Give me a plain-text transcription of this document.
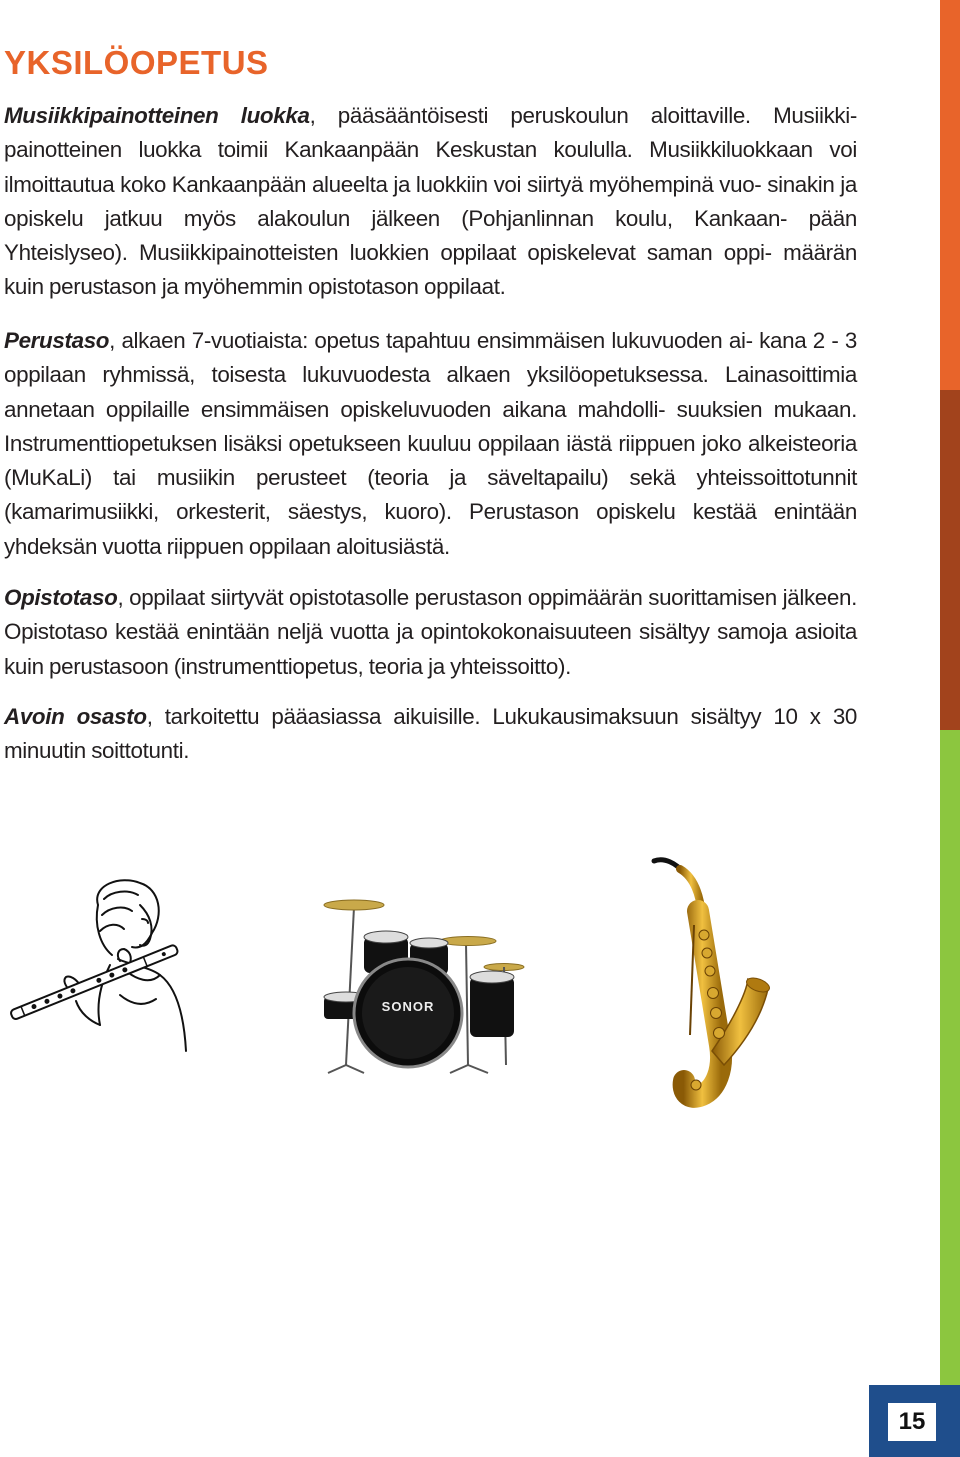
YKSILÖOPETUS
Musiikkipainotteinen luokka, pääsääntöisesti peruskoulun aloittaville. Musiikki- painotteinen luokka toimii Kankaanpään Keskustan koululla. Musiikkiluokkaan voi ilmoittautua koko Kankaanpään alueelta ja luokkiin voi siirtyä myöhempinä vuo- sinakin ja opiskelu jatkuu myös alakoulun jälkeen (Pohjanlinnan koulu, Kankaan- pään Yhteislyseo). Musiikkipainotteisten luokkien oppilaat opiskelevat saman oppi- määrän kuin perustason ja myöhemmin opistotason oppilaat.
Perustaso, alkaen 7-vuotiaista: opetus tapahtuu ensimmäisen lukuvuoden ai- kana 2 - 3 oppilaan ryhmissä, toisesta lukuvuodesta alkaen yksilöopetuksessa. Lainasoittimia annetaan oppilaille ensimmäisen opiskeluvuoden aikana mahdolli- suuksien mukaan. Instrumenttiopetuksen lisäksi opetukseen kuuluu oppilaan iästä riippuen joko alkeisteoria (MuKaLi) tai musiikin perusteet (teoria ja säveltapailu) sekä yhteissoittotunnit (kamarimusiikki, orkesterit, säestys, kuoro). Perustason opiskelu kestää enintään yhdeksän vuotta riippuen oppilaan aloitusiästä.
Opistotaso, oppilaat siirtyvät opistotasolle perustason oppimäärän suorittamisen jälkeen. Opistotaso kestää enintään neljä vuotta ja opintokokonaisuuteen sisältyy samoja asioita kuin perustasoon (instrumenttiopetus, teoria ja yhteissoitto).
Avoin osasto, tarkoitettu pääasiassa aikuisille. Lukukausimaksuun sisältyy 10 x 30 minuutin soittotunti.
SONOR
15
